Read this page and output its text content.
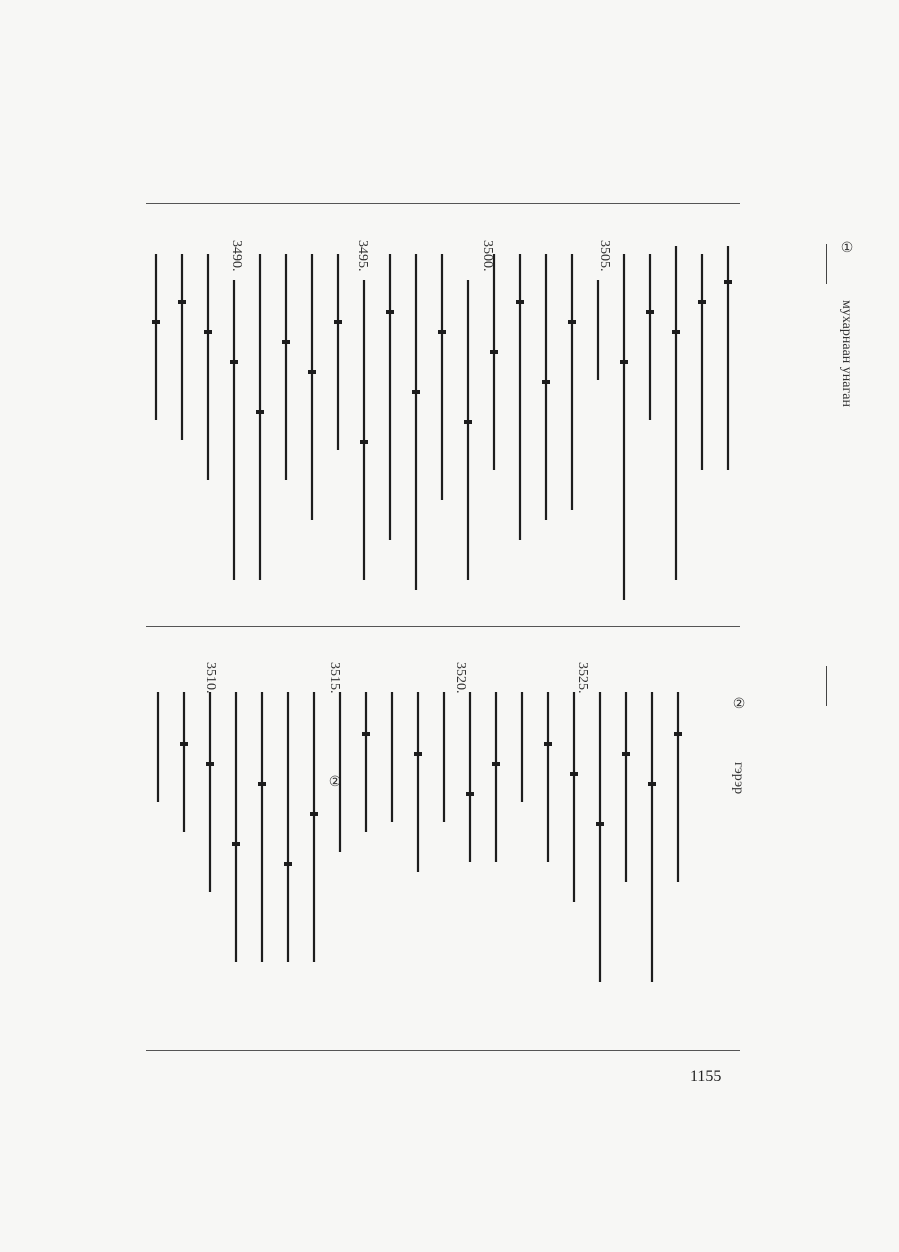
①
мухарнаан унаган
3505.
3500.
3495.
3490.
②
гэрэр
3525.
3520.
3515.
3510.
②
1155
